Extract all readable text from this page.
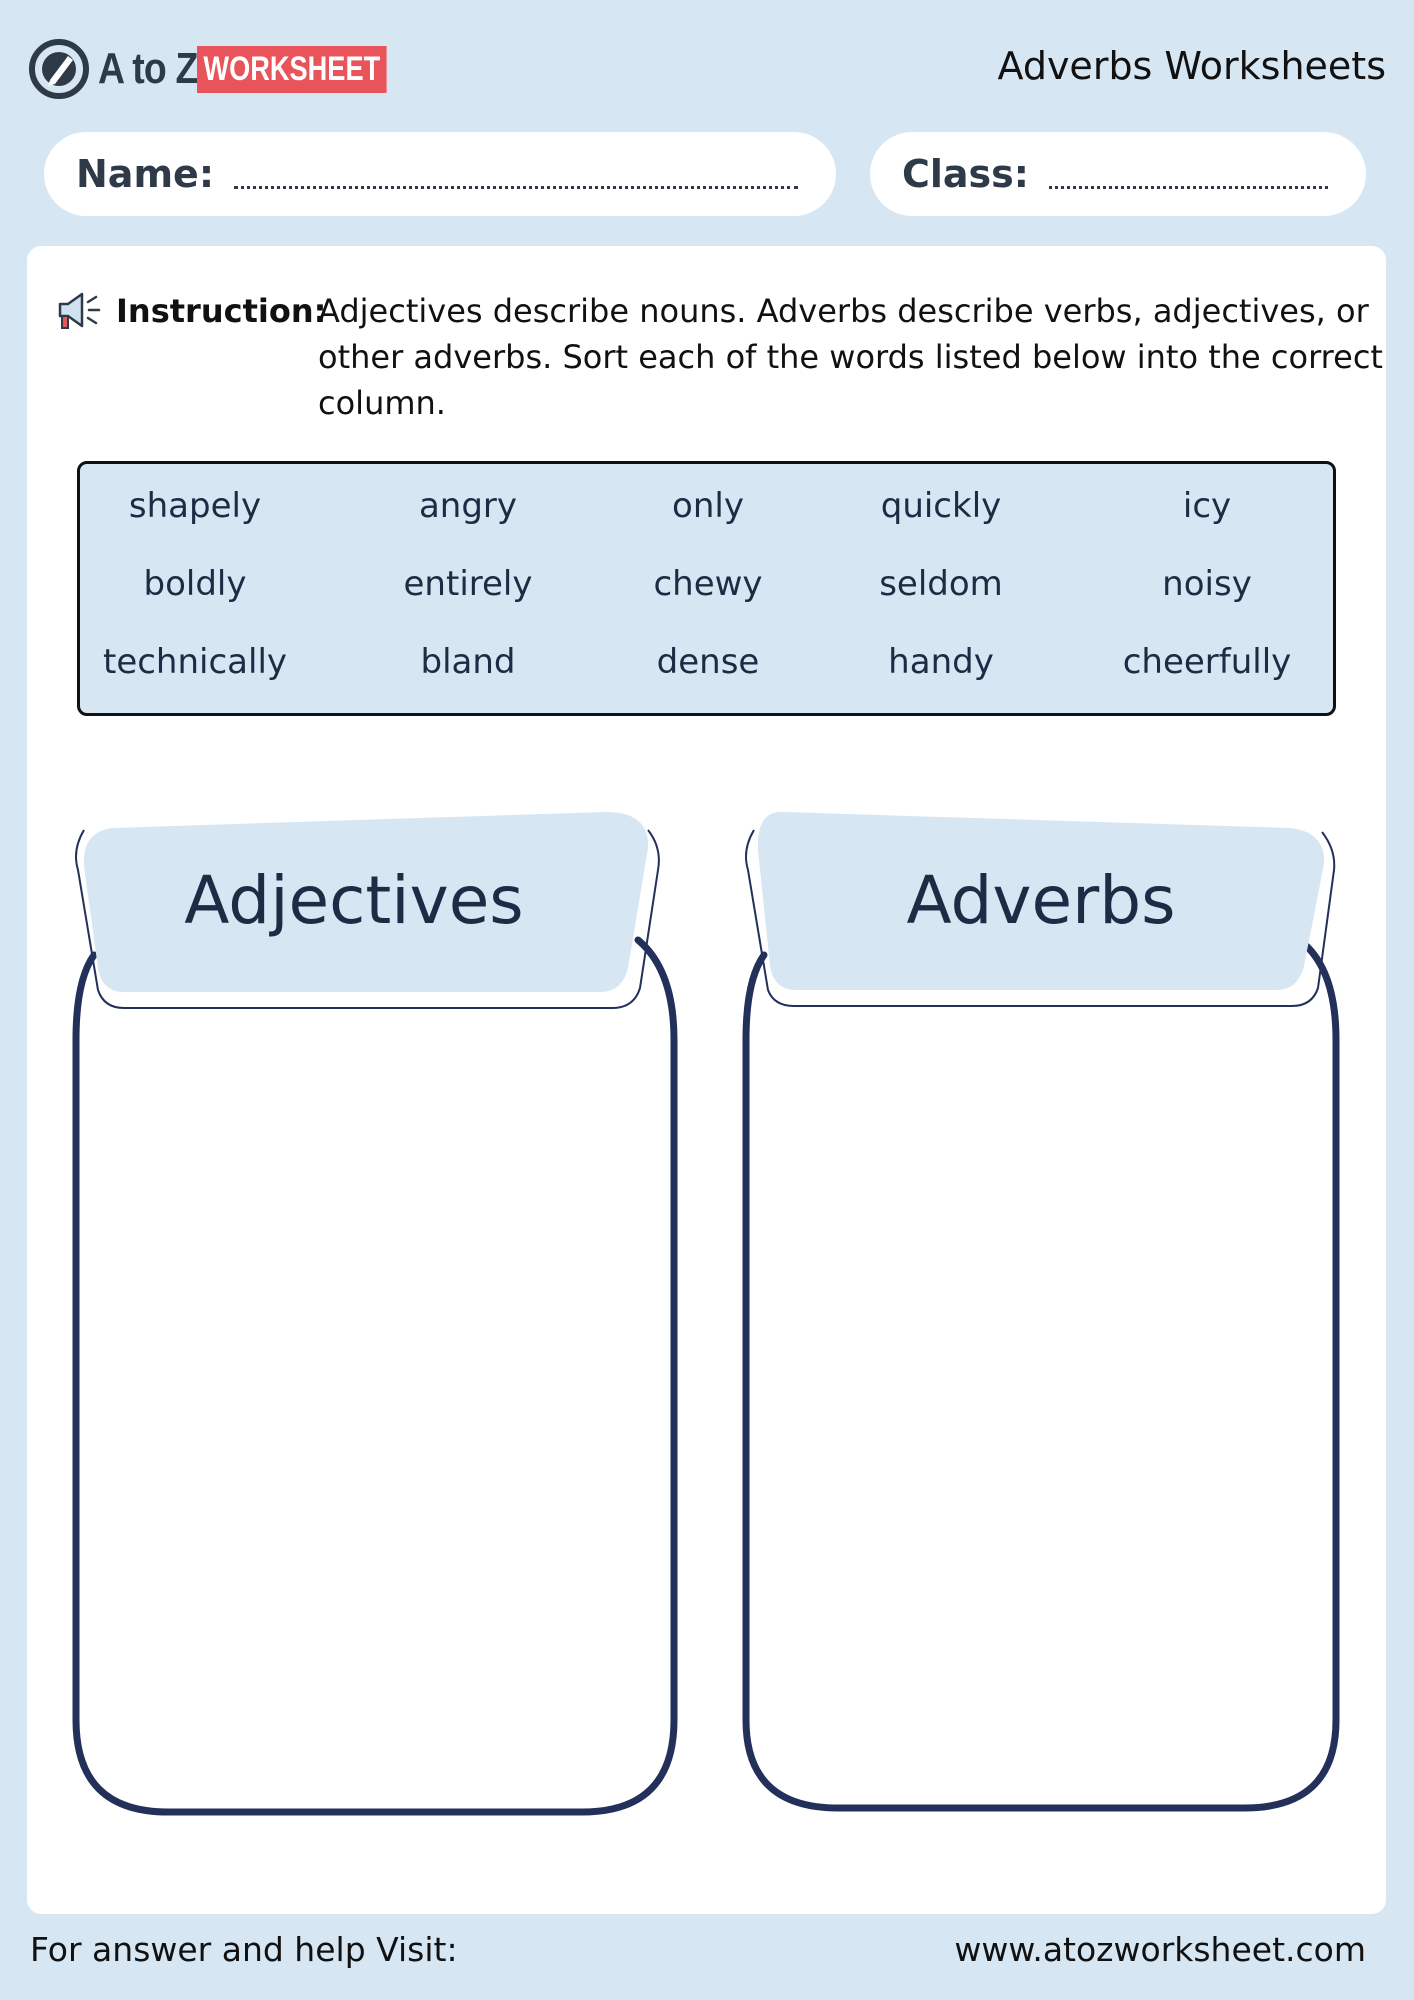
A to Z WORKSHEET	Adverbs Worksheets
Name:	Class:
Instruction:
Adjectives describe nouns. Adverbs describe verbs, adjectives, or other adverbs. Sort each of the words listed below into the correct column.
shapely	angry	only	quickly	icy
boldly	entirely	chewy	seldom	noisy
technically	bland	dense	handy	cheerfully
Adjectives	Adverbs
For answer and help Visit:	www.atozworksheet.com
